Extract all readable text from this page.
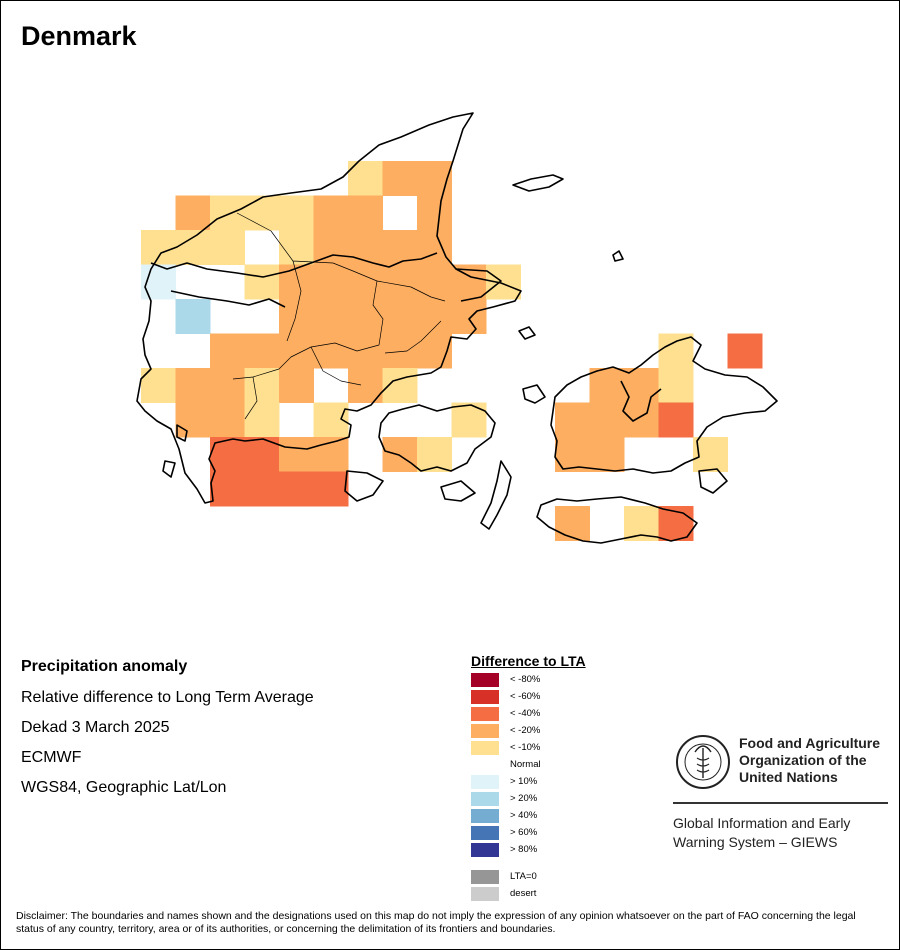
Denmark
Precipitation anomaly
Relative difference to Long Term Average
Dekad 3 March 2025
ECMWF
WGS84, Geographic Lat/Lon
Difference to LTA
< -80%
< -60%
< -40%
< -20%
< -10%
Normal
> 10%
> 20%
> 40%
> 60%
> 80%
LTA=0
desert
Food and Agriculture
Organization of the
United Nations
Global Information and Early
Warning System – GIEWS
Disclaimer: The boundaries and names shown and the designations used on this map do not imply the expression of any opinion whatsoever on the part of FAO concerning the legal status of any country, territory, area or of its authorities, or concerning the delimitation of its frontiers and boundaries.
